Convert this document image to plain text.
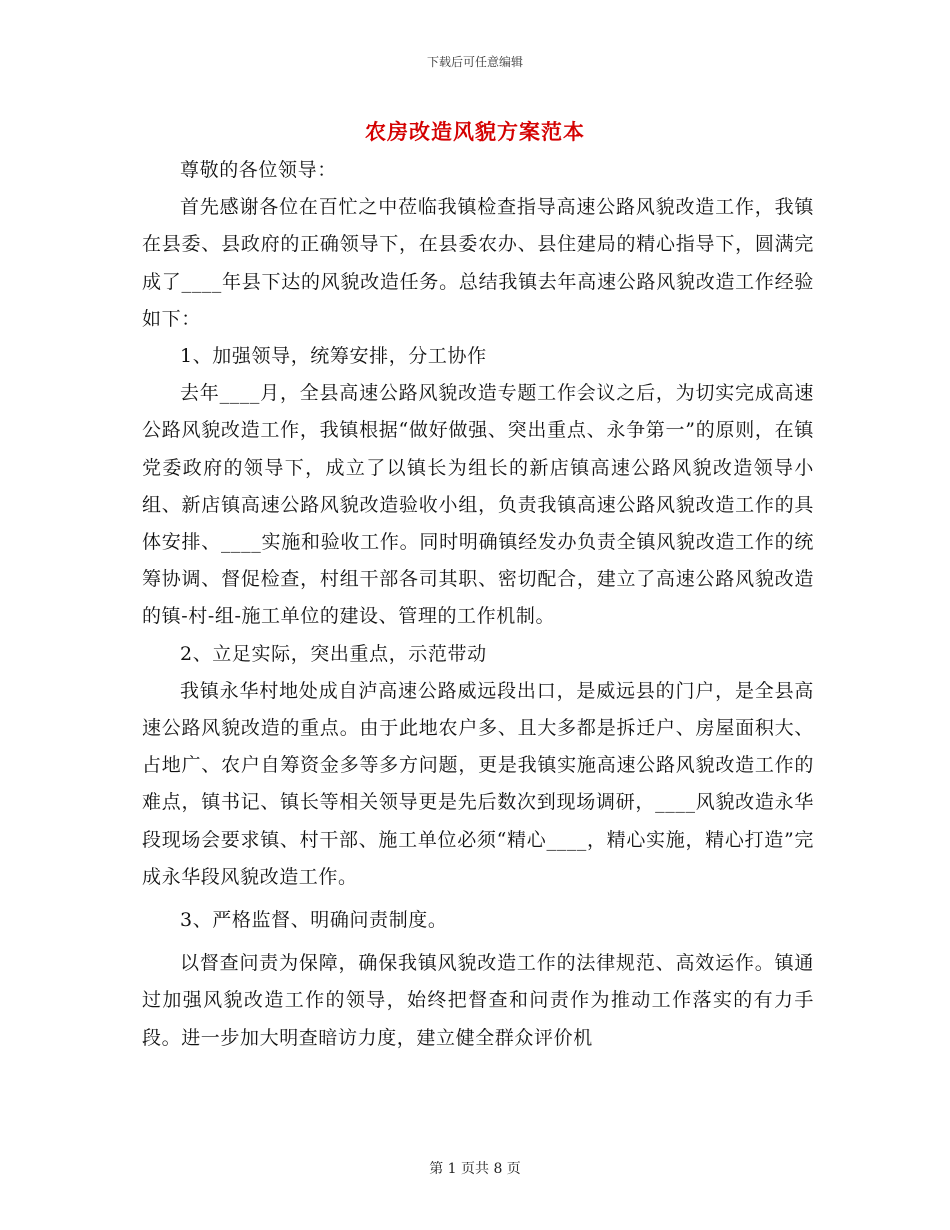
下载后可任意编辑
农房改造风貌方案范本

尊敬的各位领导：

首先感谢各位在百忙之中莅临我镇检查指导高速公路风貌改造工作，我镇在县委、县政府的正确领导下，在县委农办、县住建局的精心指导下，圆满完成了____年县下达的风貌改造任务。总结我镇去年高速公路风貌改造工作经验如下：

1、加强领导，统筹安排，分工协作

去年____月，全县高速公路风貌改造专题工作会议之后，为切实完成高速公路风貌改造工作，我镇根据“做好做强、突出重点、永争第一”的原则，在镇党委政府的领导下，成立了以镇长为组长的新店镇高速公路风貌改造领导小组、新店镇高速公路风貌改造验收小组，负责我镇高速公路风貌改造工作的具体安排、____实施和验收工作。同时明确镇经发办负责全镇风貌改造工作的统筹协调、督促检查，村组干部各司其职、密切配合，建立了高速公路风貌改造的镇-村-组-施工单位的建设、管理的工作机制。

2、立足实际，突出重点，示范带动

我镇永华村地处成自泸高速公路威远段出口，是威远县的门户，是全县高速公路风貌改造的重点。由于此地农户多、且大多都是拆迁户、房屋面积大、占地广、农户自筹资金多等多方问题，更是我镇实施高速公路风貌改造工作的难点，镇书记、镇长等相关领导更是先后数次到现场调研，____风貌改造永华段现场会要求镇、村干部、施工单位必须“精心____，精心实施，精心打造”完成永华段风貌改造工作。

3、严格监督、明确问责制度。

以督查问责为保障，确保我镇风貌改造工作的法律规范、高效运作。镇通过加强风貌改造工作的领导，始终把督查和问责作为推动工作落实的有力手段。进一步加大明查暗访力度，建立健全群众评价机

第 1 页共 8 页
